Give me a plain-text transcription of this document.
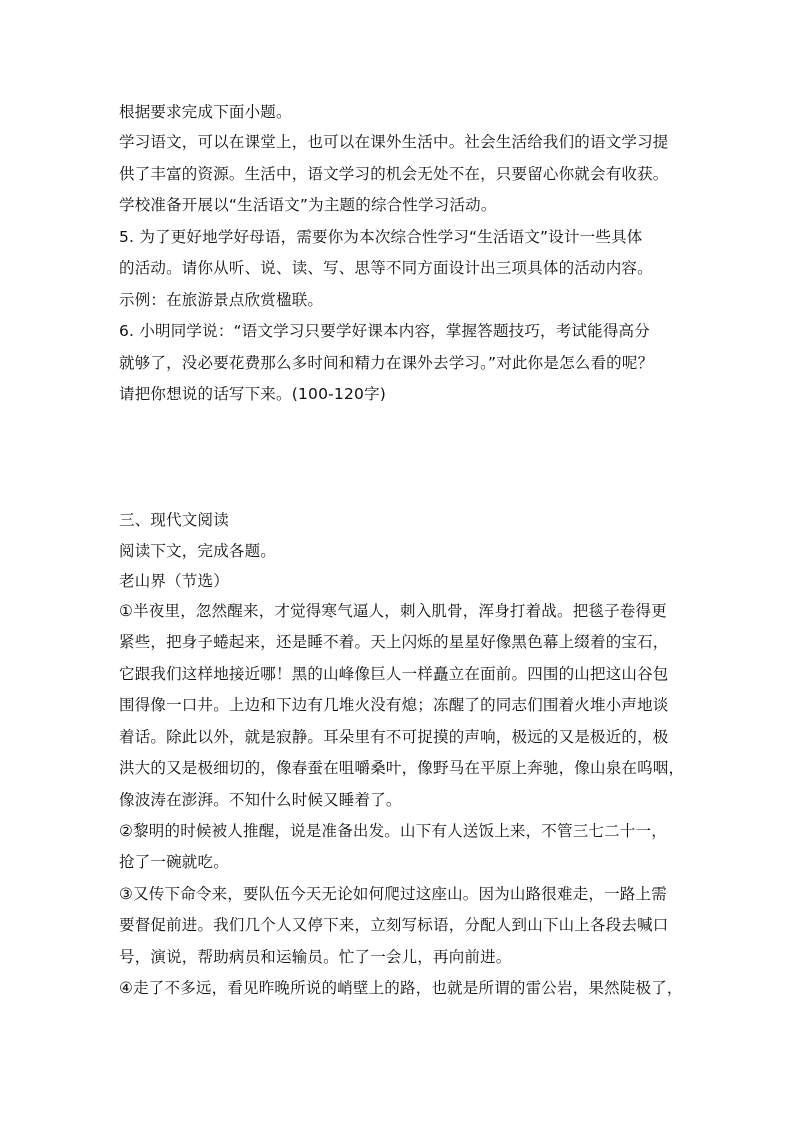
根据要求完成下面小题。
学习语文，可以在课堂上，也可以在课外生活中。社会生活给我们的语文学习提
供了丰富的资源。生活中，语文学习的机会无处不在，只要留心你就会有收获。
学校准备开展以“生活语文”为主题的综合性学习活动。
5. 为了更好地学好母语，需要你为本次综合性学习“生活语文”设计一些具体
的活动。请你从听、说、读、写、思等不同方面设计出三项具体的活动内容。
示例：在旅游景点欣赏楹联。
6. 小明同学说：“语文学习只要学好课本内容，掌握答题技巧，考试能得高分
就够了，没必要花费那么多时间和精力在课外去学习。”对此你是怎么看的呢？
请把你想说的话写下来。(100-120字)
三、现代文阅读
阅读下文，完成各题。
老山界（节选）
①半夜里，忽然醒来，才觉得寒气逼人，刺入肌骨，浑身打着战。把毯子卷得更
紧些，把身子蜷起来，还是睡不着。天上闪烁的星星好像黑色幕上缀着的宝石，
它跟我们这样地接近哪！黑的山峰像巨人一样矗立在面前。四围的山把这山谷包
围得像一口井。上边和下边有几堆火没有熄；冻醒了的同志们围着火堆小声地谈
着话。除此以外，就是寂静。耳朵里有不可捉摸的声响，极远的又是极近的，极
洪大的又是极细切的，像春蚕在咀嚼桑叶，像野马在平原上奔驰，像山泉在呜咽，
像波涛在澎湃。不知什么时候又睡着了。
②黎明的时候被人推醒，说是准备出发。山下有人送饭上来，不管三七二十一，
抢了一碗就吃。
③又传下命令来，要队伍今天无论如何爬过这座山。因为山路很难走，一路上需
要督促前进。我们几个人又停下来，立刻写标语，分配人到山下山上各段去喊口
号，演说，帮助病员和运输员。忙了一会儿，再向前进。
④走了不多远，看见昨晚所说的峭壁上的路，也就是所谓的雷公岩，果然陡极了，
